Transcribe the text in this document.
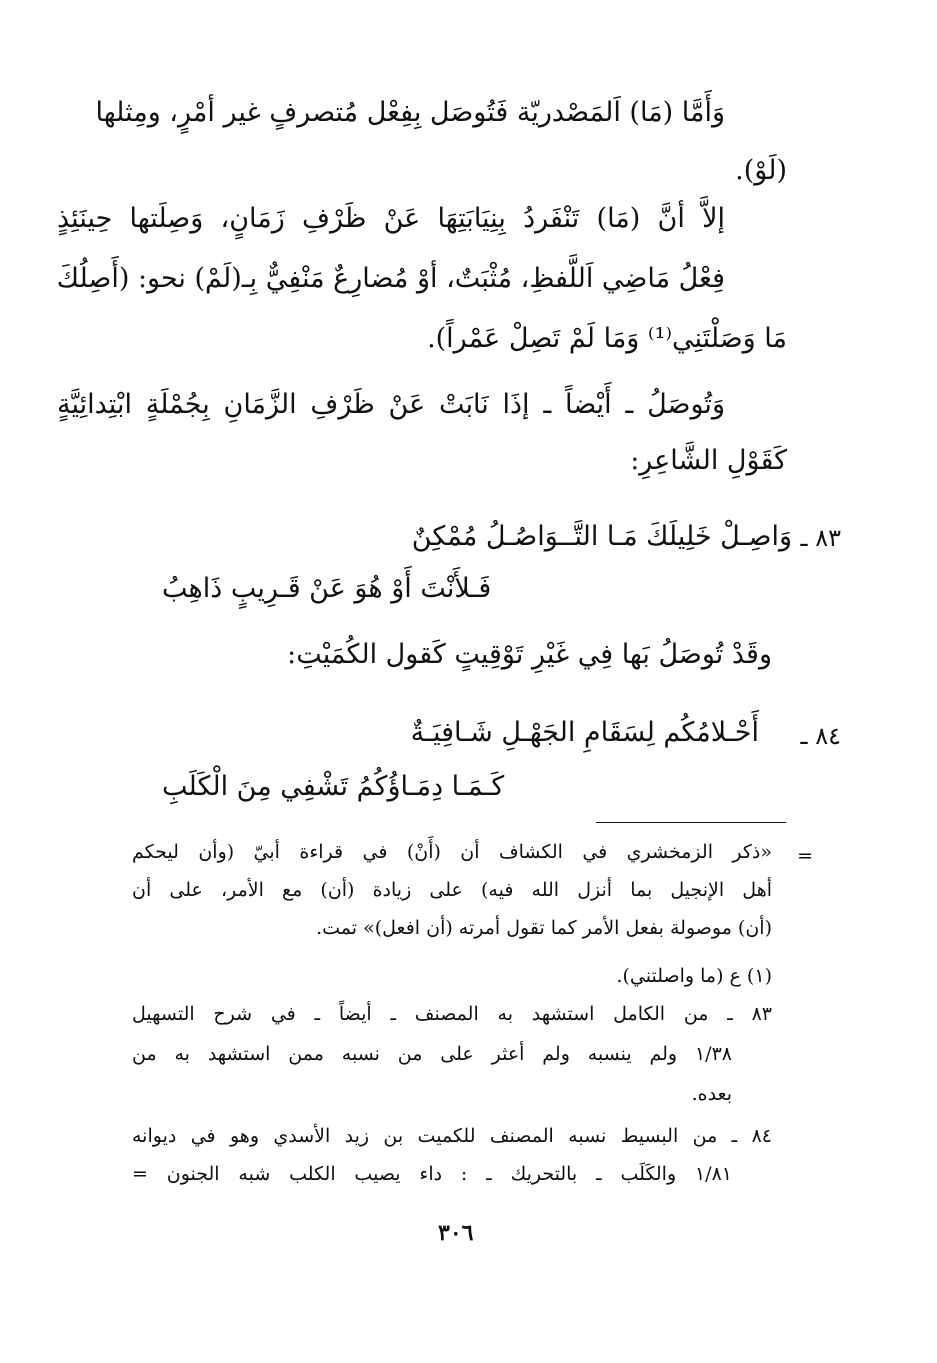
وَأَمَّا (مَا) اَلمَصْدريّة فَتُوصَل بِفِعْل مُتصرفٍ غير أمْرٍ، ومِثلها
(لَوْ).
إلاَّ أنَّ (مَا) تَنْفَردُ بِنِيَابَتِهَا عَنْ ظَرْفِ زَمَانٍ، وَصِلَتها حِينَئِذٍ
فِعْلُ مَاضِي اَللَّفظِ، مُثْبَتٌ، أوْ مُضارِعٌ مَنْفِيٌّ بِـ(لَمْ) نحو: (أَصِلُكَ
مَا وَصَلْتَنِي⁽¹⁾ وَمَا لَمْ تَصِلْ عَمْراً).
وَتُوصَلُ ـ أَيْضاً ـ إذَا نَابَتْ عَنْ ظَرْفِ الزَّمَانِ بِجُمْلَةٍ ابْتِدائِيَّةٍ
كَقَوْلِ الشَّاعِرِ:
٨٣ ـ
وَاصِـلْ خَلِيلَكَ مَـا التَّــوَاصُـلُ مُمْكِنٌ
فَـلأَنْتَ أَوْ هُوَ عَنْ قَـرِيبٍ ذَاهِبُ
وقَدْ تُوصَلُ بَها فِي غَيْرِ تَوْقِيتٍ كَقول الكُمَيْتِ:
٨٤ ـ
أَحْـلامُكُم لِسَقَامِ الجَهْـلِ شَـافِيَـةٌ
كَـمَـا دِمَـاؤُكُمُ تَشْفِي مِنَ الْكَلَبِ
=
«ذكر الزمخشري في الكشاف أن (أَنْ) في قراءة أبيّ (وأن ليحكم
أهل الإنجيل بما أنزل الله فيه) على زيادة (أن) مع الأمر، على أن
(أن) موصولة بفعل الأمر كما تقول أمرته (أن افعل)» تمت.
(١) ع (ما واصلتني).
٨٣ ـ من الكامل استشهد به المصنف ـ أيضاً ـ في شرح التسهيل
١/٣٨ ولم ينسبه ولم أعثر على من نسبه ممن استشهد به من
بعده.
٨٤ ـ من البسيط نسبه المصنف للكميت بن زيد الأسدي وهو في ديوانه
١/٨١ والكَلَب ـ بالتحريك ـ : داء يصيب الكلب شبه الجنون =
٣٠٦
